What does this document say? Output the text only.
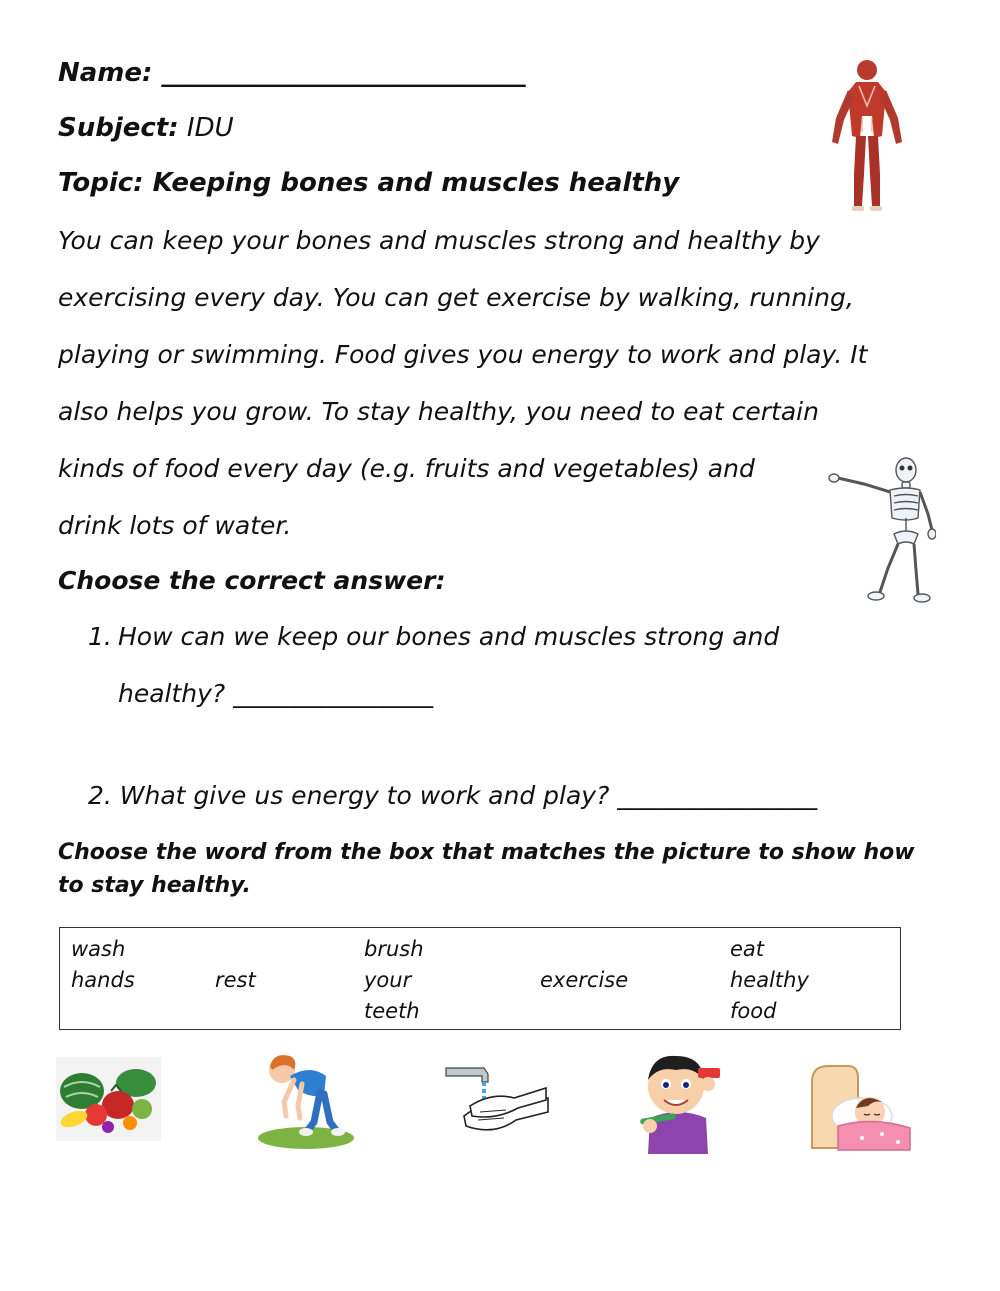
Name: ____________________________
Subject: IDU
Topic: Keeping bones and muscles healthy
You can keep your bones and muscles strong and healthy by
exercising every day. You can get exercise by walking, running,
playing or swimming. Food gives you energy to work and play. It
also helps you grow. To stay healthy, you need to eat certain
kinds of food every day (e.g. fruits and vegetables) and
drink lots of water.
Choose the correct answer:
1. How can we keep our bones and muscles strong and
healthy? ________________
2. What give us energy to work and play? ________________
Choose the word from the box that matches the picture to show how to stay healthy.
wash
hands	rest
brush
your
teeth
exercise
eat
healthy
food
